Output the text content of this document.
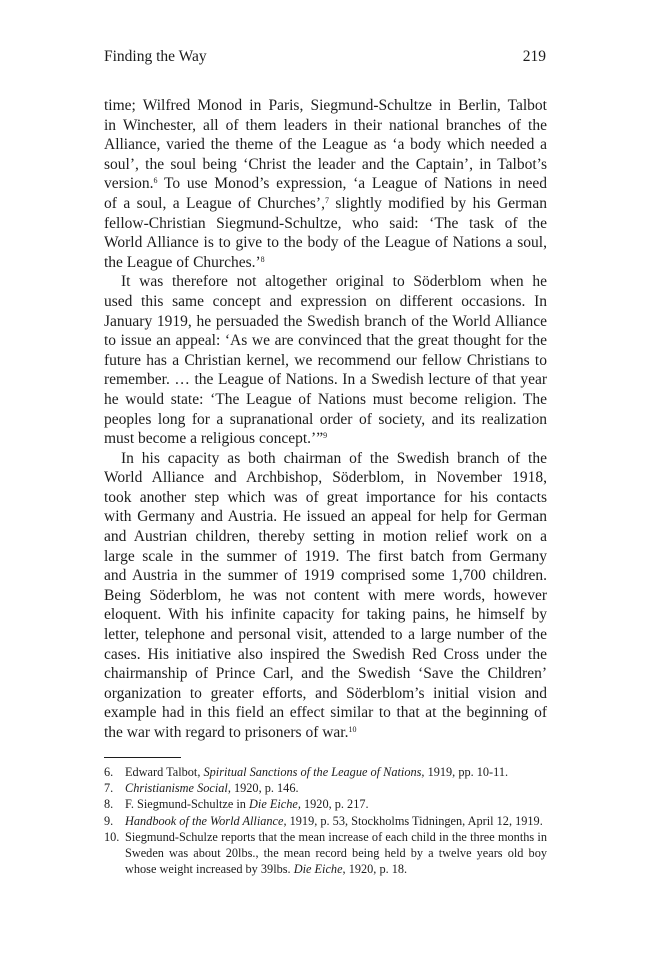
Finding the Way	219
time; Wilfred Monod in Paris, Siegmund-Schultze in Berlin, Talbot
in Winchester, all of them leaders in their national branches of the
Alliance, varied the theme of the League as ‘a body which needed a
soul’, the soul being ‘Christ the leader and the Captain’, in Talbot’s
version.$^6$ To use Monod’s expression, ‘a League of Nations in need
of a soul, a League of Churches’,$^7$ slightly modified by his German
fellow-Christian Siegmund-Schultze, who said: ‘The task of the
World Alliance is to give to the body of the League of Nations a soul,
the League of Churches.’$^8$
It was therefore not altogether original to Söderblom when he
used this same concept and expression on different occasions. In
January 1919, he persuaded the Swedish branch of the World Alliance
to issue an appeal: ‘As we are convinced that the great thought for the
future has a Christian kernel, we recommend our fellow Christians to
remember. … the League of Nations. In a Swedish lecture of that year
he would state: ‘The League of Nations must become religion. The
peoples long for a supranational order of society, and its realization
must become a religious concept.’”$^9$
In his capacity as both chairman of the Swedish branch of the
World Alliance and Archbishop, Söderblom, in November 1918,
took another step which was of great importance for his contacts
with Germany and Austria. He issued an appeal for help for German
and Austrian children, thereby setting in motion relief work on a
large scale in the summer of 1919. The first batch from Germany
and Austria in the summer of 1919 comprised some 1,700 children.
Being Söderblom, he was not content with mere words, however
eloquent. With his infinite capacity for taking pains, he himself by
letter, telephone and personal visit, attended to a large number of the
cases. His initiative also inspired the Swedish Red Cross under the
chairmanship of Prince Carl, and the Swedish ‘Save the Children’
organization to greater efforts, and Söderblom’s initial vision and
example had in this field an effect similar to that at the beginning of
the war with regard to prisoners of war.$^{10}$
6. Edward Talbot, Spiritual Sanctions of the League of Nations, 1919, pp. 10-11.
7. Christianisme Social, 1920, p. 146.
8. F. Siegmund-Schultze in Die Eiche, 1920, p. 217.
9. Handbook of the World Alliance, 1919, p. 53, Stockholms Tidningen, April 12, 1919.
10. Siegmund-Schulze reports that the mean increase of each child in the three months in Sweden was about 20lbs., the mean record being held by a twelve years old boy whose weight increased by 39lbs. Die Eiche, 1920, p. 18.
